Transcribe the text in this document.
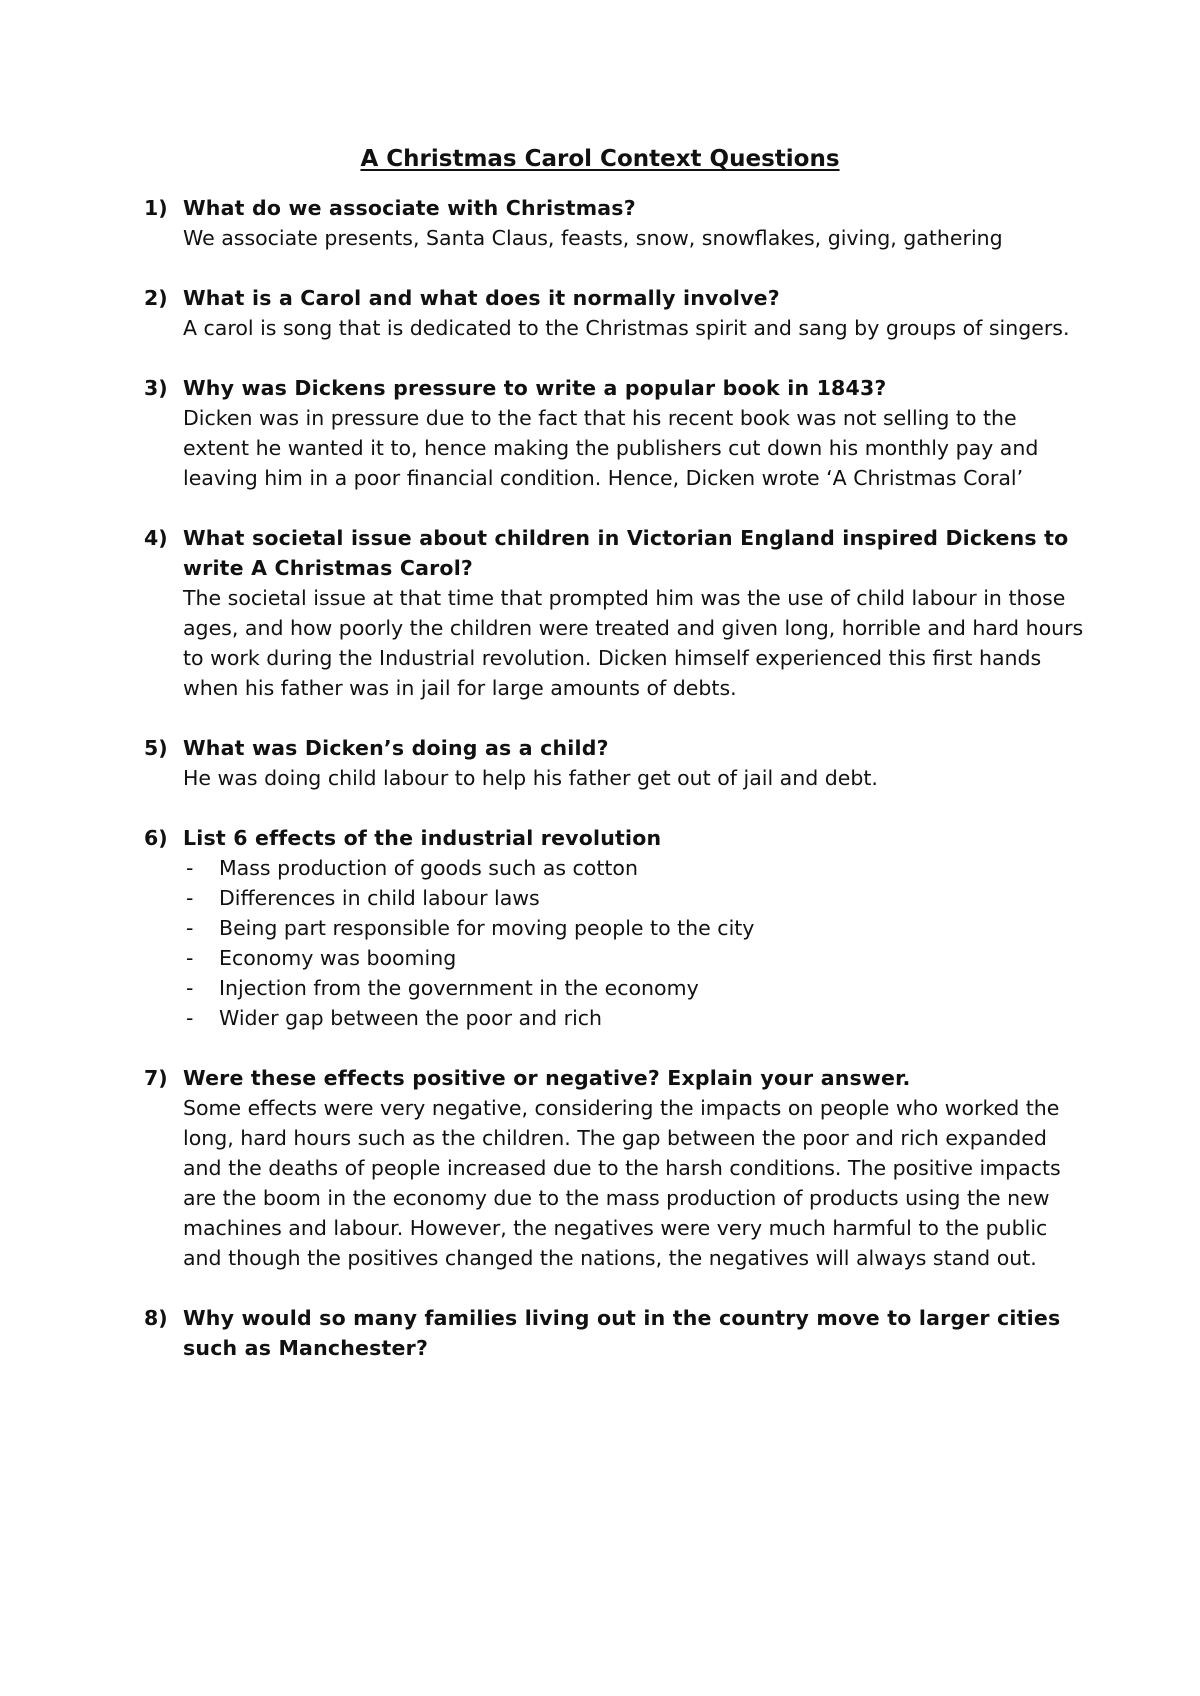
A Christmas Carol Context Questions
1) What do we associate with Christmas?
We associate presents, Santa Claus, feasts, snow, snowflakes, giving, gathering
2) What is a Carol and what does it normally involve?
A carol is song that is dedicated to the Christmas spirit and sang by groups of singers.
3) Why was Dickens pressure to write a popular book in 1843?
Dicken was in pressure due to the fact that his recent book was not selling to the extent he wanted it to, hence making the publishers cut down his monthly pay and leaving him in a poor financial condition. Hence, Dicken wrote ‘A Christmas Coral’
4) What societal issue about children in Victorian England inspired Dickens to write A Christmas Carol?
The societal issue at that time that prompted him was the use of child labour in those ages, and how poorly the children were treated and given long, horrible and hard hours to work during the Industrial revolution. Dicken himself experienced this first hands when his father was in jail for large amounts of debts.
5) What was Dicken’s doing as a child?
He was doing child labour to help his father get out of jail and debt.
6) List 6 effects of the industrial revolution
- Mass production of goods such as cotton
- Differences in child labour laws
- Being part responsible for moving people to the city
- Economy was booming
- Injection from the government in the economy
- Wider gap between the poor and rich
7) Were these effects positive or negative? Explain your answer.
Some effects were very negative, considering the impacts on people who worked the long, hard hours such as the children. The gap between the poor and rich expanded and the deaths of people increased due to the harsh conditions. The positive impacts are the boom in the economy due to the mass production of products using the new machines and labour. However, the negatives were very much harmful to the public and though the positives changed the nations, the negatives will always stand out.
8) Why would so many families living out in the country move to larger cities such as Manchester?
